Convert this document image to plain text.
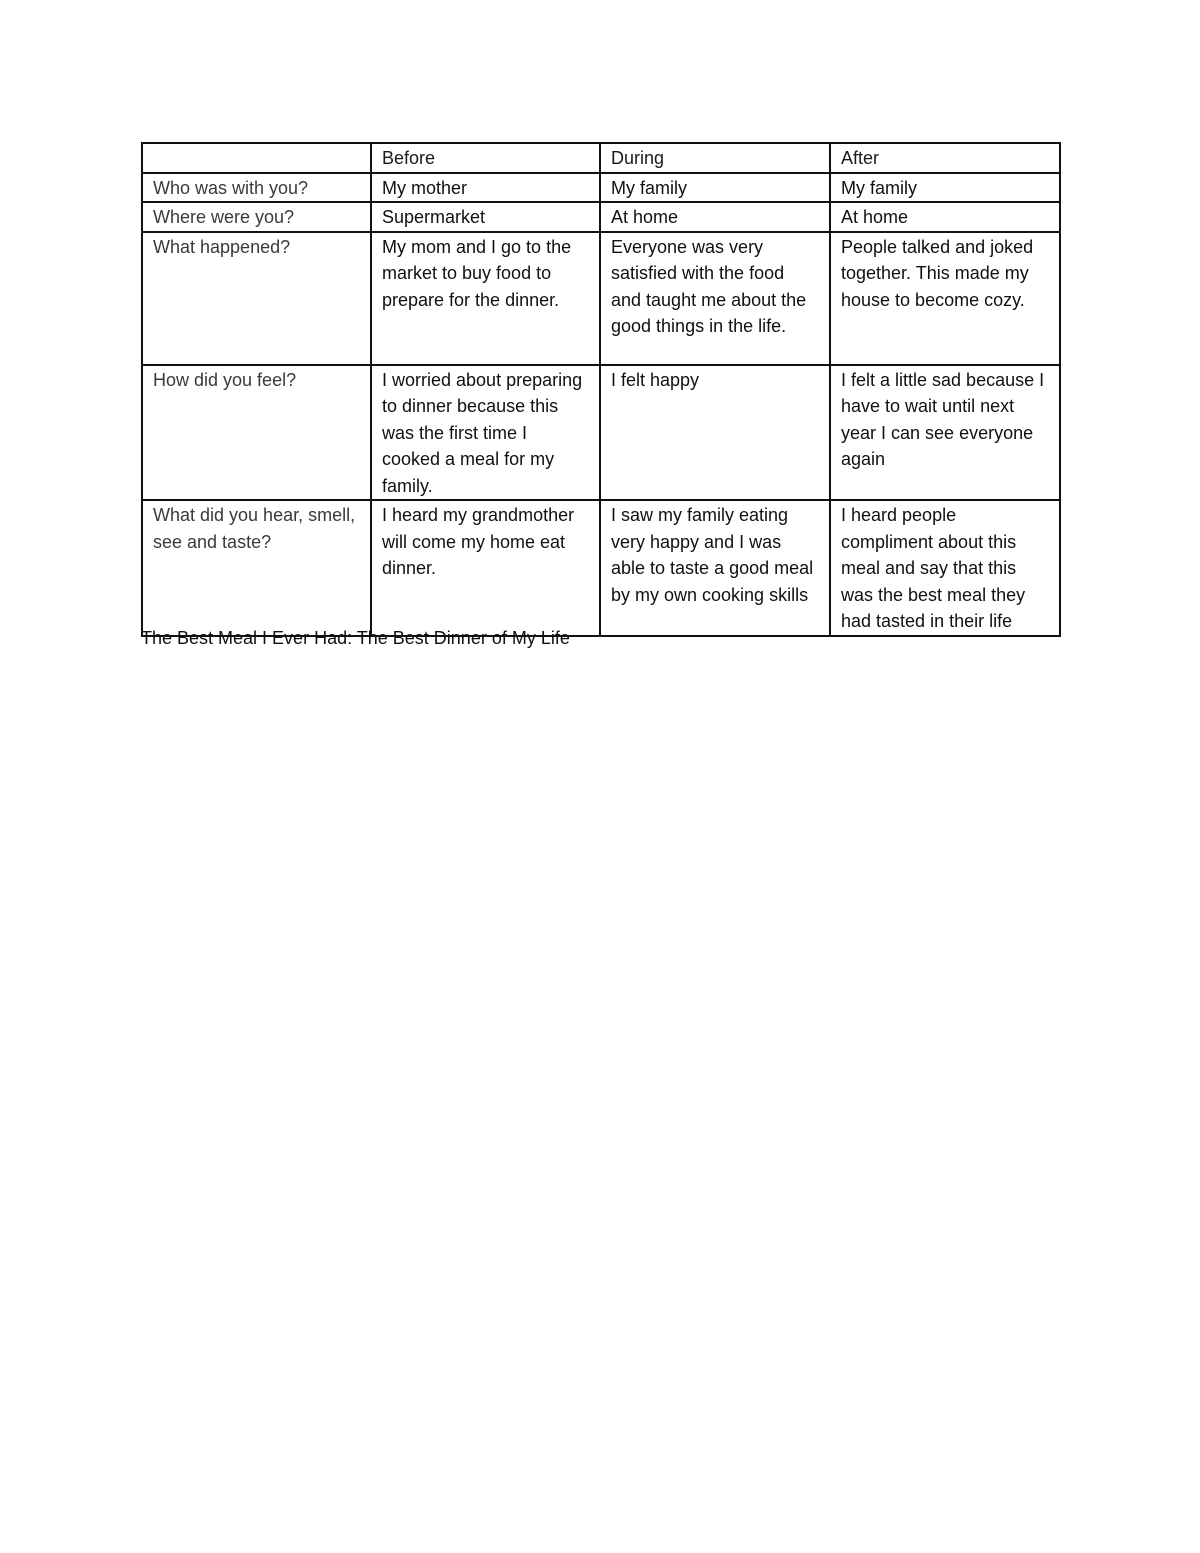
	Before	During	After
Who was with you?	My mother	My family	My family
Where were you?	Supermarket	At home	At home
What happened?	My mom and I go to the market to buy food to prepare for the dinner.	Everyone was very satisfied with the food and taught me about the good things in the life.	People talked and joked together. This made my house to become cozy.
How did you feel?	I worried about preparing to dinner because this was the first time I cooked a meal for my family.	I felt happy	I felt a little sad because I have to wait until next year I can see everyone again
What did you hear, smell, see and taste?	I heard my grandmother will come my home eat dinner.	I saw my family eating very happy and I was able to taste a good meal by my own cooking skills	I heard people compliment about this meal and say that this was the best meal they had tasted in their life
The Best Meal I Ever Had: The Best Dinner of My Life
